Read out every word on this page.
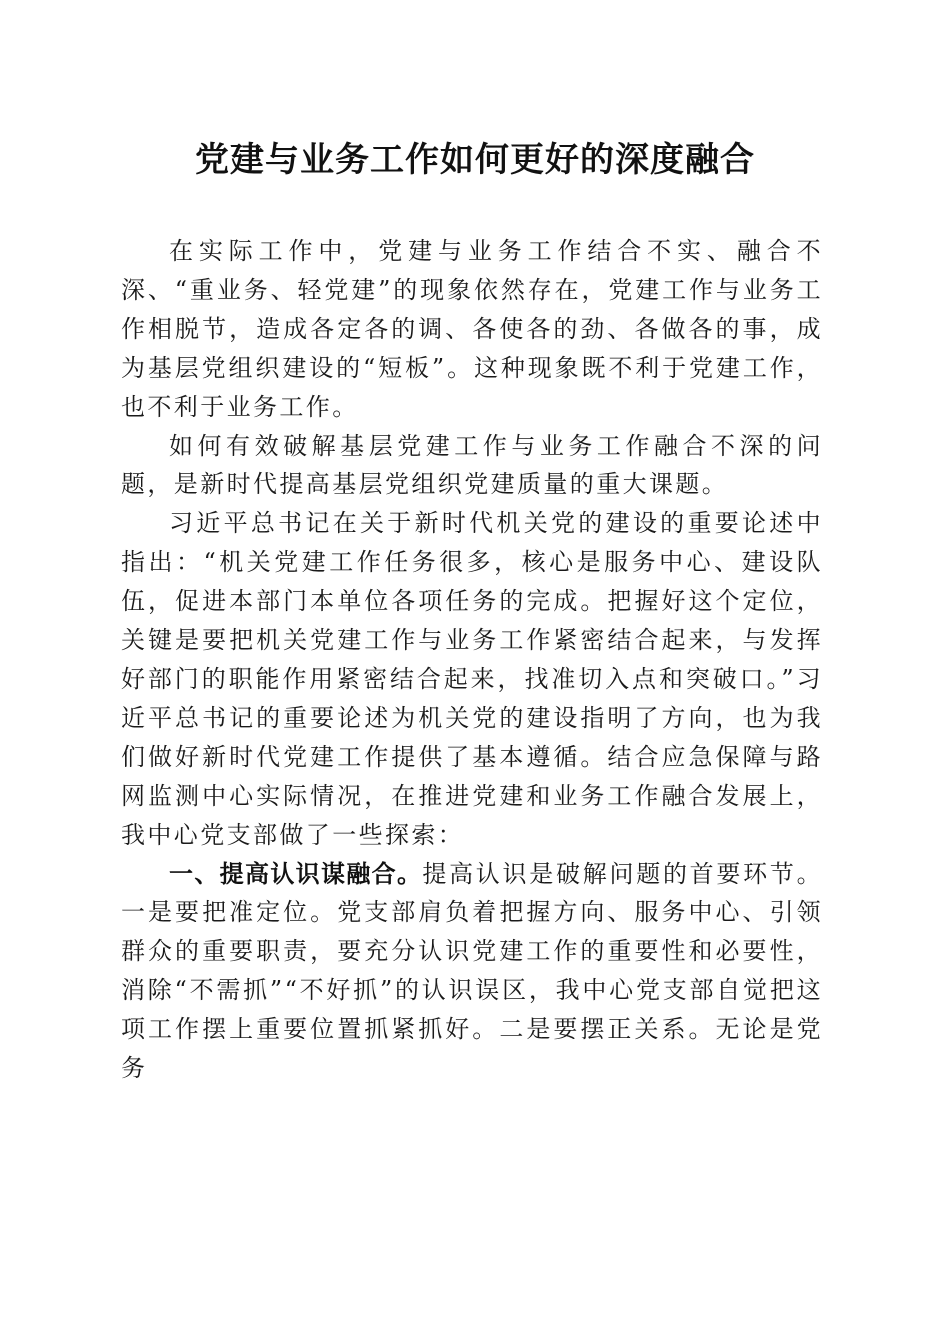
党建与业务工作如何更好的深度融合

在实际工作中，党建与业务工作结合不实、融合不深、“重业务、轻党建”的现象依然存在，党建工作与业务工作相脱节，造成各定各的调、各使各的劲、各做各的事，成为基层党组织建设的“短板”。这种现象既不利于党建工作，也不利于业务工作。

如何有效破解基层党建工作与业务工作融合不深的问题，是新时代提高基层党组织党建质量的重大课题。

习近平总书记在关于新时代机关党的建设的重要论述中指出：“机关党建工作任务很多，核心是服务中心、建设队伍，促进本部门本单位各项任务的完成。把握好这个定位，关键是要把机关党建工作与业务工作紧密结合起来，与发挥好部门的职能作用紧密结合起来，找准切入点和突破口。”习近平总书记的重要论述为机关党的建设指明了方向，也为我们做好新时代党建工作提供了基本遵循。结合应急保障与路网监测中心实际情况，在推进党建和业务工作融合发展上，我中心党支部做了一些探索：

一、提高认识谋融合。提高认识是破解问题的首要环节。一是要把准定位。党支部肩负着把握方向、服务中心、引领群众的重要职责，要充分认识党建工作的重要性和必要性，消除“不需抓”“不好抓”的认识误区，我中心党支部自觉把这项工作摆上重要位置抓紧抓好。二是要摆正关系。无论是党务
